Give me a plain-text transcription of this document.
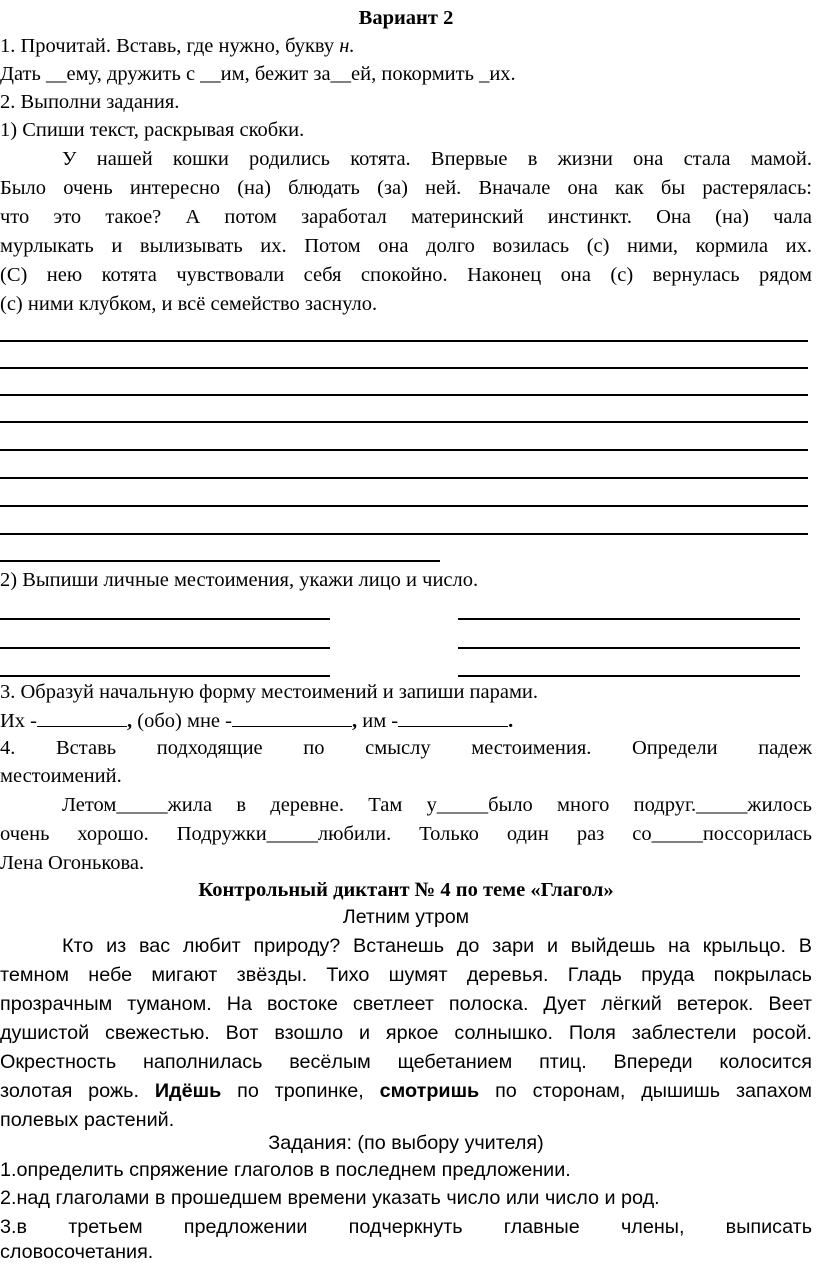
Вариант 2
1. Прочитай. Вставь, где нужно, букву н.
Дать __ему, дружить с __им, бежит за__ей, покормить _их.
2. Выполни задания.
1) Спиши текст, раскрывая скобки.
У нашей кошки родились котята. Впервые в жизни она стала мамой.
Было очень интересно (на) блюдать (за) ней. Вначале она как бы растерялась:
что это такое? А потом заработал материнский инстинкт. Она (на) чала
мурлыкать и вылизывать их. Потом она долго возилась (с) ними, кормила их.
(С) нею котята чувствовали себя спокойно. Наконец она (с) вернулась рядом
(с) ними клубком, и всё семейство заснуло.
2) Выпиши личные местоимения, укажи лицо и число.
3. Образуй начальную форму местоимений и запиши парами.
Их -	, (обо) мне -	, им -	.
4. Вставь подходящие по смыслу местоимения. Определи падеж
местоимений.
Летом_____жила в деревне. Там у_____было много подруг._____жилось
очень хорошо. Подружки_____любили. Только один раз со_____поссорилась
Лена Огонькова.
Контрольный диктант № 4 по теме «Глагол»
Летним утром
Кто из вас любит природу? Встанешь до зари и выйдешь на крыльцо. В
темном небе мигают звёзды. Тихо шумят деревья. Гладь пруда покрылась
прозрачным туманом. На востоке светлеет полоска. Дует лёгкий ветерок. Веет
душистой свежестью. Вот взошло и яркое солнышко. Поля заблестели росой.
Окрестность наполнилась весёлым щебетанием птиц. Впереди колосится
золотая рожь. Идёшь по тропинке, смотришь по сторонам, дышишь запахом
полевых растений.
Задания: (по выбору учителя)
1.определить спряжение глаголов в последнем предложении.
2.над глаголами в прошедшем времени указать число или число и род.
3.в третьем предложении подчеркнуть главные члены, выписать
словосочетания.
